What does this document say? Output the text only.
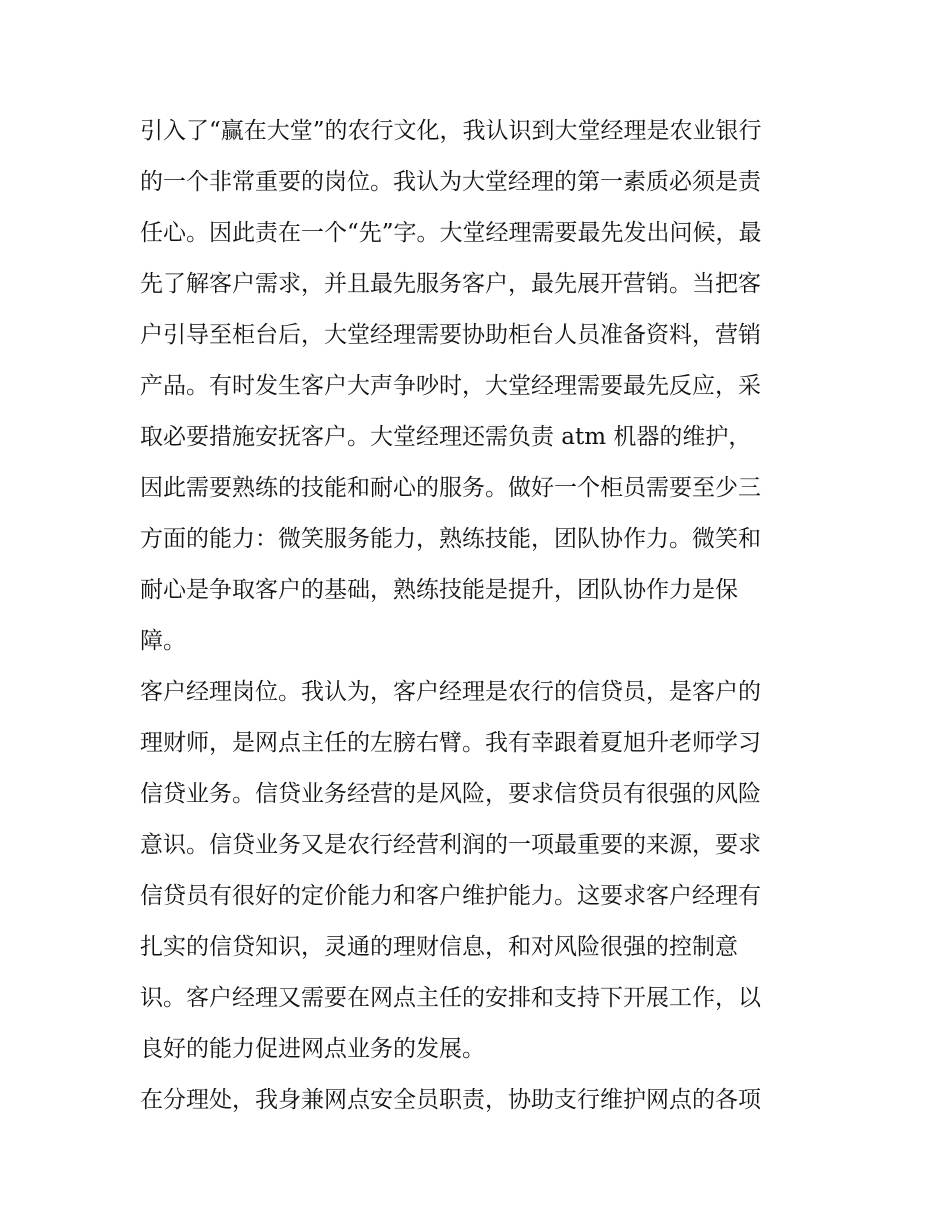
引入了“赢在大堂”的农行文化，我认识到大堂经理是农业银行
的一个非常重要的岗位。我认为大堂经理的第一素质必须是责
任心。因此责在一个“先”字。大堂经理需要最先发出问候，最
先了解客户需求，并且最先服务客户，最先展开营销。当把客
户引导至柜台后，大堂经理需要协助柜台人员准备资料，营销
产品。有时发生客户大声争吵时，大堂经理需要最先反应，采
取必要措施安抚客户。大堂经理还需负责 atm 机器的维护，
因此需要熟练的技能和耐心的服务。做好一个柜员需要至少三
方面的能力：微笑服务能力，熟练技能，团队协作力。微笑和
耐心是争取客户的基础，熟练技能是提升，团队协作力是保
障。
客户经理岗位。我认为，客户经理是农行的信贷员，是客户的
理财师，是网点主任的左膀右臂。我有幸跟着夏旭升老师学习
信贷业务。信贷业务经营的是风险，要求信贷员有很强的风险
意识。信贷业务又是农行经营利润的一项最重要的来源，要求
信贷员有很好的定价能力和客户维护能力。这要求客户经理有
扎实的信贷知识，灵通的理财信息，和对风险很强的控制意
识。客户经理又需要在网点主任的安排和支持下开展工作，以
良好的能力促进网点业务的发展。
在分理处，我身兼网点安全员职责，协助支行维护网点的各项
